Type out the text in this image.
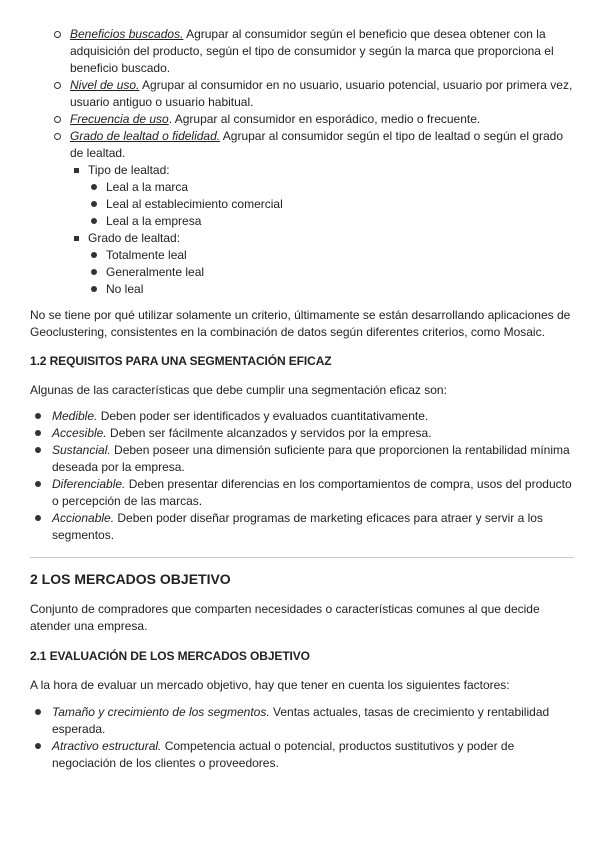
Beneficios buscados. Agrupar al consumidor según el beneficio que desea obtener con la adquisición del producto, según el tipo de consumidor y según la marca que proporciona el beneficio buscado.
Nivel de uso. Agrupar al consumidor en no usuario, usuario potencial, usuario por primera vez, usuario antiguo o usuario habitual.
Frecuencia de uso. Agrupar al consumidor en esporádico, medio o frecuente.
Grado de lealtad o fidelidad. Agrupar al consumidor según el tipo de lealtad o según el grado de lealtad.
Tipo de lealtad:
Leal a la marca
Leal al establecimiento comercial
Leal a la empresa
Grado de lealtad:
Totalmente leal
Generalmente leal
No leal

No se tiene por qué utilizar solamente un criterio, últimamente se están desarrollando aplicaciones de Geoclustering, consistentes en la combinación de datos según diferentes criterios, como Mosaic.

1.2 REQUISITOS PARA UNA SEGMENTACIÓN EFICAZ

Algunas de las características que debe cumplir una segmentación eficaz son:

Medible. Deben poder ser identificados y evaluados cuantitativamente.
Accesible. Deben ser fácilmente alcanzados y servidos por la empresa.
Sustancial. Deben poseer una dimensión suficiente para que proporcionen la rentabilidad mínima deseada por la empresa.
Diferenciable. Deben presentar diferencias en los comportamientos de compra, usos del producto o percepción de las marcas.
Accionable. Deben poder diseñar programas de marketing eficaces para atraer y servir a los segmentos.
2 LOS MERCADOS OBJETIVO

Conjunto de compradores que comparten necesidades o características comunes al que decide atender una empresa.

2.1 EVALUACIÓN DE LOS MERCADOS OBJETIVO

A la hora de evaluar un mercado objetivo, hay que tener en cuenta los siguientes factores:

Tamaño y crecimiento de los segmentos. Ventas actuales, tasas de crecimiento y rentabilidad esperada.
Atractivo estructural. Competencia actual o potencial, productos sustitutivos y poder de negociación de los clientes o proveedores.
